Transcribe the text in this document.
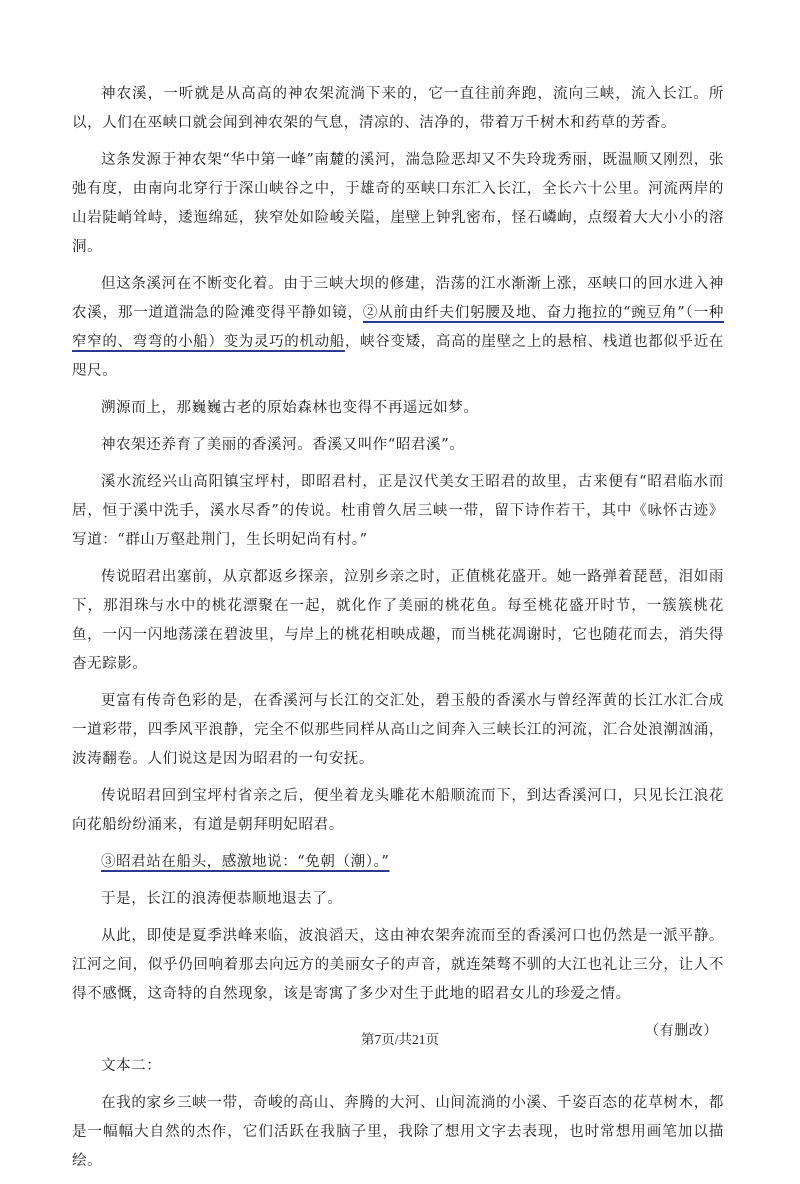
神农溪，一听就是从高高的神农架流淌下来的，它一直往前奔跑，流向三峡，流入长江。所以，人们在巫峡口就会闻到神农架的气息，清凉的、洁净的，带着万千树木和药草的芳香。

这条发源于神农架“华中第一峰”南麓的溪河，湍急险恶却又不失玲珑秀丽，既温顺又刚烈，张弛有度，由南向北穿行于深山峡谷之中，于雄奇的巫峡口东汇入长江，全长六十公里。河流两岸的山岩陡峭耸峙，逶迤绵延，狭窄处如险峻关隘，崖壁上钟乳密布，怪石嶙峋，点缀着大大小小的溶洞。

但这条溪河在不断变化着。由于三峡大坝的修建，浩荡的江水渐渐上涨，巫峡口的回水进入神农溪，那一道道湍急的险滩变得平静如镜，②从前由纤夫们躬腰及地、奋力拖拉的“豌豆角”（一种窄窄的、弯弯的小船）变为灵巧的机动船，峡谷变矮，高高的崖壁之上的悬棺、栈道也都似乎近在咫尺。

溯源而上，那巍巍古老的原始森林也变得不再遥远如梦。

神农架还养育了美丽的香溪河。香溪又叫作“昭君溪”。

溪水流经兴山高阳镇宝坪村，即昭君村，正是汉代美女王昭君的故里，古来便有“昭君临水而居，恒于溪中洗手，溪水尽香”的传说。杜甫曾久居三峡一带，留下诗作若干，其中《咏怀古迹》写道：“群山万壑赴荆门，生长明妃尚有村。”

传说昭君出塞前，从京都返乡探亲，泣别乡亲之时，正值桃花盛开。她一路弹着琵琶，泪如雨下，那泪珠与水中的桃花漂聚在一起，就化作了美丽的桃花鱼。每至桃花盛开时节，一簇簇桃花鱼，一闪一闪地荡漾在碧波里，与岸上的桃花相映成趣，而当桃花凋谢时，它也随花而去，消失得杳无踪影。

更富有传奇色彩的是，在香溪河与长江的交汇处，碧玉般的香溪水与曾经浑黄的长江水汇合成一道彩带，四季风平浪静，完全不似那些同样从高山之间奔入三峡长江的河流，汇合处浪潮汹涌，波涛翻卷。人们说这是因为昭君的一句安抚。

传说昭君回到宝坪村省亲之后，便坐着龙头雕花木船顺流而下，到达香溪河口，只见长江浪花向花船纷纷涌来，有道是朝拜明妃昭君。

③昭君站在船头，感激地说：“免朝（潮）。”

于是，长江的浪涛便恭顺地退去了。

从此，即使是夏季洪峰来临，波浪滔天，这由神农架奔流而至的香溪河口也仍然是一派平静。江河之间，似乎仍回响着那去向远方的美丽女子的声音，就连桀骜不驯的大江也礼让三分，让人不得不感慨，这奇特的自然现象，该是寄寓了多少对生于此地的昭君女儿的珍爱之情。

（有删改）

文本二：

在我的家乡三峡一带，奇峻的高山、奔腾的大河、山间流淌的小溪、千姿百态的花草树木，都是一幅幅大自然的杰作，它们活跃在我脑子里，我除了想用文字去表现，也时常想用画笔加以描绘。

第7页/共21页
